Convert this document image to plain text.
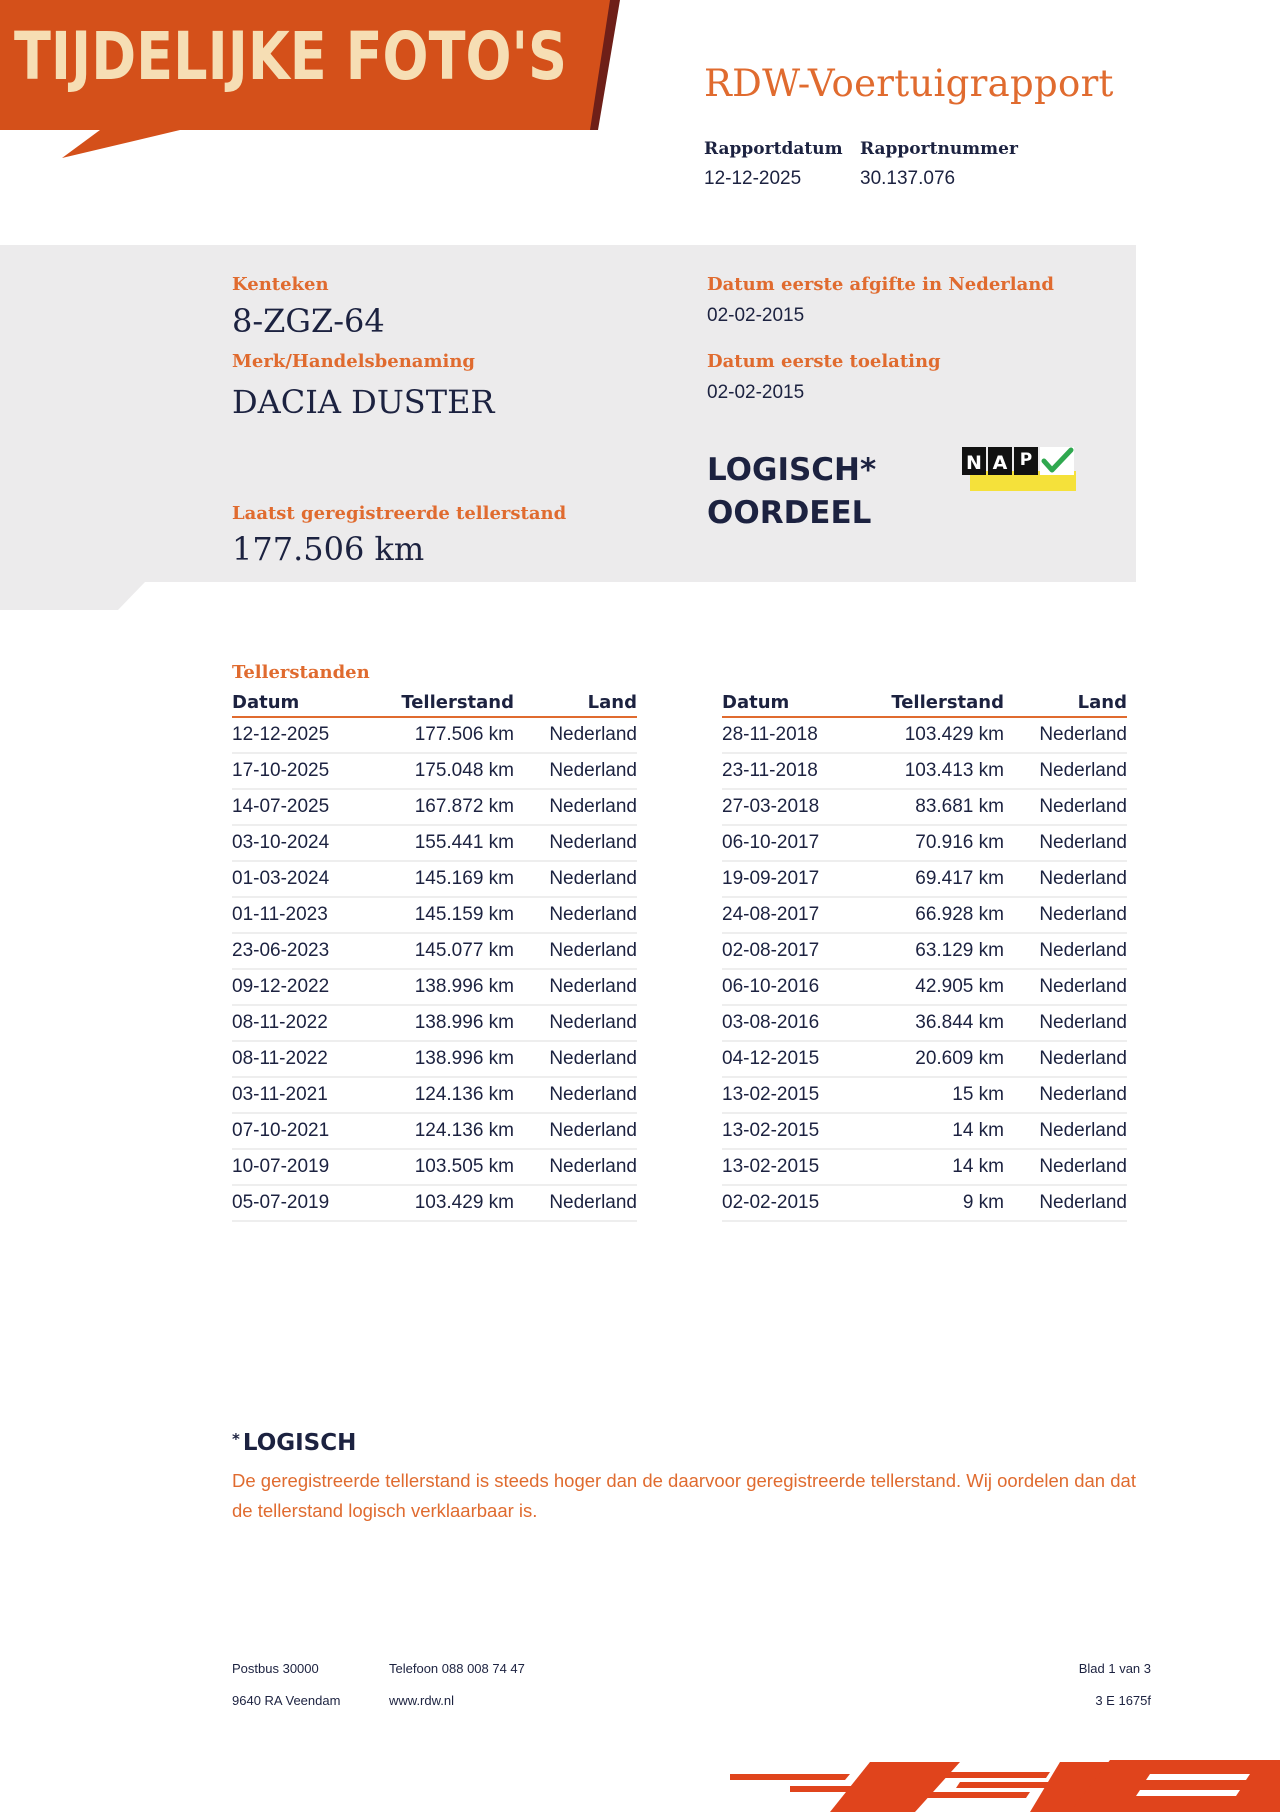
TIJDELIJKE FOTO'S	RDW-Voertuigrapport
Rapportdatum
12-12-2025
Rapportnummer
30.137.076
Kenteken
8-ZGZ-64
Merk/Handelsbenaming
DACIA DUSTER
Datum eerste afgifte in Nederland
02-02-2015
Datum eerste toelating
02-02-2015
LOGISCH*
OORDEEL
N A P
Laatst geregistreerde tellerstand
177.506 km
Tellerstanden
Datum	Tellerstand	Land
12-12-2025	177.506 km	Nederland
17-10-2025	175.048 km	Nederland
14-07-2025	167.872 km	Nederland
03-10-2024	155.441 km	Nederland
01-03-2024	145.169 km	Nederland
01-11-2023	145.159 km	Nederland
23-06-2023	145.077 km	Nederland
09-12-2022	138.996 km	Nederland
08-11-2022	138.996 km	Nederland
08-11-2022	138.996 km	Nederland
03-11-2021	124.136 km	Nederland
07-10-2021	124.136 km	Nederland
10-07-2019	103.505 km	Nederland
05-07-2019	103.429 km	Nederland
Datum	Tellerstand	Land
28-11-2018	103.429 km	Nederland
23-11-2018	103.413 km	Nederland
27-03-2018	83.681 km	Nederland
06-10-2017	70.916 km	Nederland
19-09-2017	69.417 km	Nederland
24-08-2017	66.928 km	Nederland
02-08-2017	63.129 km	Nederland
06-10-2016	42.905 km	Nederland
03-08-2016	36.844 km	Nederland
04-12-2015	20.609 km	Nederland
13-02-2015	15 km	Nederland
13-02-2015	14 km	Nederland
13-02-2015	14 km	Nederland
02-02-2015	9 km	Nederland
* LOGISCH
De geregistreerde tellerstand is steeds hoger dan de daarvoor geregistreerde tellerstand. Wij oordelen dan dat de tellerstand logisch verklaarbaar is.
Postbus 30000
9640 RA Veendam
Telefoon 088 008 74 47
www.rdw.nl
Blad 1 van 3
3 E 1675f
